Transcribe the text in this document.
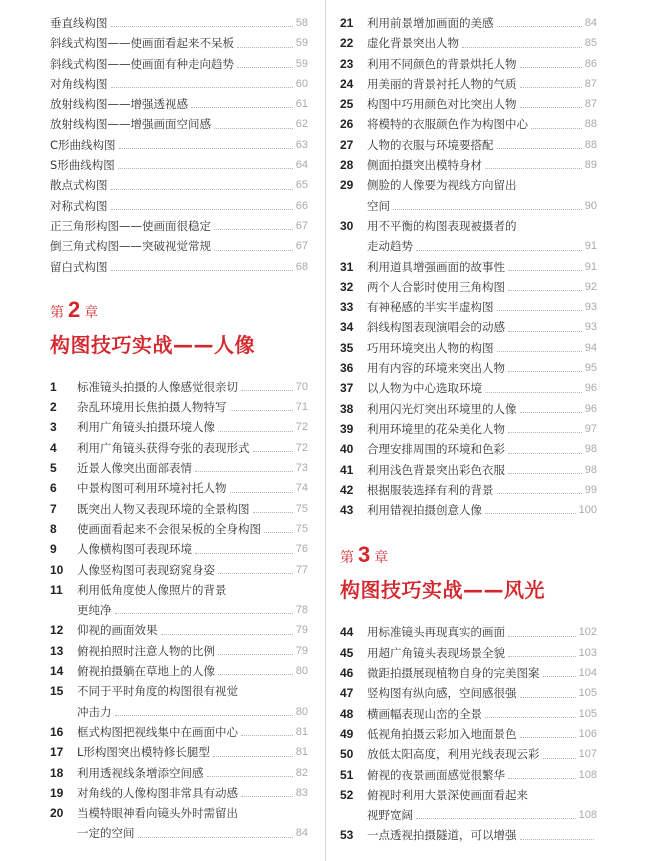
垂直线构图	58
斜线式构图——使画面看起来不呆板	59
斜线式构图——使画面有种走向趋势	59
对角线构图	60
放射线构图——增强透视感	61
放射线构图——增强画面空间感	62
C形曲线构图	63
S形曲线构图	64
散点式构图	65
对称式构图	66
正三角形构图——使画面很稳定	67
倒三角式构图——突破视觉常规	67
留白式构图	68
第 2 章
构图技巧实战——人像
1	标准镜头拍摄的人像感觉很亲切	70
2	杂乱环境用长焦拍摄人物特写	71
3	利用广角镜头拍摄环境人像	72
4	利用广角镜头获得夸张的表现形式	72
5	近景人像突出面部表情	73
6	中景构图可利用环境衬托人物	74
7	既突出人物又表现环境的全景构图	75
8	使画面看起来不会很呆板的全身构图	75
9	人像横构图可表现环境	76
10	人像竖构图可表现窈窕身姿	77
11	利用低角度使人像照片的背景
更纯净	78
12	仰视的画面效果	79
13	俯视拍照时注意人物的比例	79
14	俯视拍摄躺在草地上的人像	80
15	不同于平时角度的构图很有视觉
冲击力	80
16	框式构图把视线集中在画面中心	81
17	L形构图突出模特修长腿型	81
18	利用透视线条增添空间感	82
19	对角线的人像构图非常具有动感	83
20	当模特眼神看向镜头外时需留出
一定的空间	84
21	利用前景增加画面的美感	84
22	虚化背景突出人物	85
23	利用不同颜色的背景烘托人物	86
24	用美丽的背景衬托人物的气质	87
25	构图中巧用颜色对比突出人物	87
26	将模特的衣服颜色作为构图中心	88
27	人物的衣服与环境要搭配	88
28	侧面拍摄突出模特身材	89
29	侧脸的人像要为视线方向留出
空间	90
30	用不平衡的构图表现被摄者的
走动趋势	91
31	利用道具增强画面的故事性	91
32	两个人合影时使用三角构图	92
33	有神秘感的半实半虚构图	93
34	斜线构图表现演唱会的动感	93
35	巧用环境突出人物的构图	94
36	用有内容的环境来突出人物	95
37	以人物为中心选取环境	96
38	利用闪光灯突出环境里的人像	96
39	利用环境里的花朵美化人物	97
40	合理安排周围的环境和色彩	98
41	利用浅色背景突出彩色衣服	98
42	根据服装选择有利的背景	99
43	利用错视拍摄创意人像	100
第 3 章
构图技巧实战——风光
44	用标准镜头再现真实的画面	102
45	用超广角镜头表现场景全貌	103
46	微距拍摄展现植物自身的完美图案	104
47	竖构图有纵向感，空间感很强	105
48	横画幅表现山峦的全景	105
49	低视角拍摄云彩加入地面景色	106
50	放低太阳高度，利用光线表现云彩	107
51	俯视的夜景画面感觉很繁华	108
52	俯视时利用大景深使画面看起来
视野宽阔	108
53	一点透视拍摄隧道，可以增强
